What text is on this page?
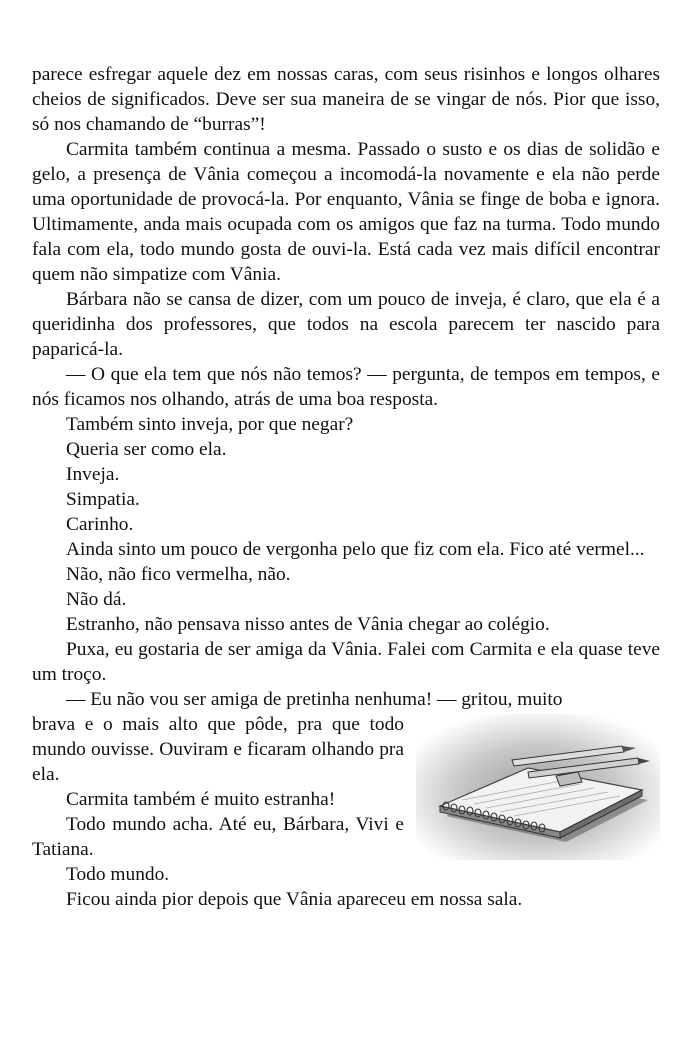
parece esfregar aquele dez em nossas caras, com seus risinhos e longos olhares cheios de significados. Deve ser sua maneira de se vingar de nós. Pior que isso, só nos chamando de “burras”!

Carmita também continua a mesma. Passado o susto e os dias de solidão e gelo, a presença de Vânia começou a incomodá-la novamente e ela não perde uma oportunidade de provocá-la. Por enquanto, Vânia se finge de boba e ignora. Ultimamente, anda mais ocupada com os amigos que faz na turma. Todo mundo fala com ela, todo mundo gosta de ouvi-la. Está cada vez mais difícil encontrar quem não simpatize com Vânia.

Bárbara não se cansa de dizer, com um pouco de inveja, é claro, que ela é a queridinha dos professores, que todos na escola parecem ter nascido para paparicá-la.

— O que ela tem que nós não temos? — pergunta, de tempos em tempos, e nós ficamos nos olhando, atrás de uma boa resposta.

Também sinto inveja, por que negar?

Queria ser como ela.

Inveja.

Simpatia.

Carinho.

Ainda sinto um pouco de vergonha pelo que fiz com ela. Fico até vermel...

Não, não fico vermelha, não.

Não dá.

Estranho, não pensava nisso antes de Vânia chegar ao colégio.

Puxa, eu gostaria de ser amiga da Vânia. Falei com Carmita e ela quase teve um troço.

— Eu não vou ser amiga de pretinha nenhuma! — gritou, muito

brava e o mais alto que pôde, pra que todo mundo ouvisse. Ouviram e ficaram olhando pra ela.

Carmita também é muito estranha!

Todo mundo acha. Até eu, Bárbara, Vivi e Tatiana.

Todo mundo.

Ficou ainda pior depois que Vânia apareceu em nossa sala.
